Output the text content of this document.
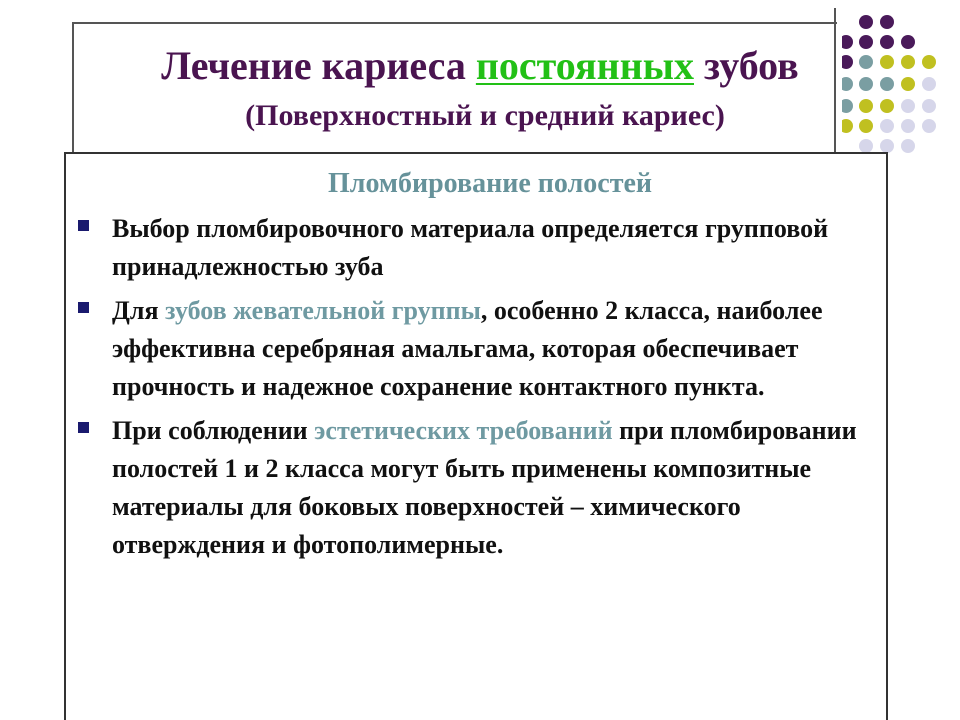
Лечение кариеса постоянных зубов
(Поверхностный и средний кариес)
Пломбирование полостей
Выбор пломбировочного материала определяется групповой принадлежностью зуба
Для зубов жевательной группы, особенно 2 класса, наиболее эффективна серебряная амальгама, которая обеспечивает прочность и надежное сохранение контактного пункта.
При соблюдении эстетических требований при пломбировании полостей 1 и 2 класса могут быть применены композитные материалы для боковых поверхностей – химического отверждения и фотополимерные.
